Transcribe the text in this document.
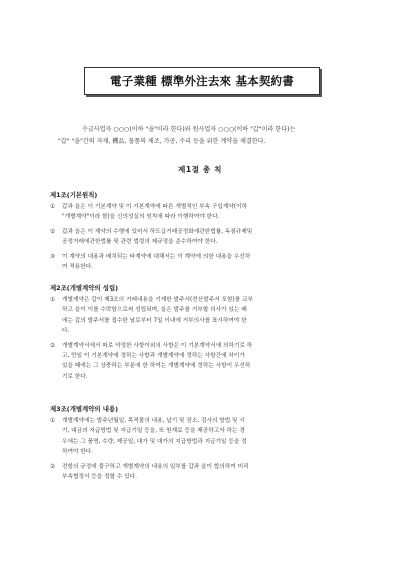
電子業種 標準外注去來 基本契約書
수급사업자 ○○○(이하 "을"이라 한다)와 원사업자 ○○○(이하 "갑"이라 한다)는
"갑" "을"간의 자재, 機品, 물품의 제조, 가공, 수리 등을 위한 계약을 체결한다.
제1절 총 칙
제1조(기본원칙)
①	갑과 을은 이 기본계약 및 이 기본계약에 따른 개별적인 부속 구입계약(이하
"개별계약"이라 함)을 신의성실의 원칙에 따라 이행하여야 한다.
②	갑과 을은 이 계약의 수행에 있어서 하도급거래공정화에관한법률, 독점규제및
공정거래에관한법률 및 관련 법령의 제규정을 준수하여야 한다.
③	이 계약의 내용과 배치되는 타계약에 대해서는 이 계약에 의한 내용을 우선하
여 적용한다.
제2조(개별계약의 성립)
①	개별계약은 갑이 제3조의 거래내용을 기재한 발주서(전산발주서 포함)를 교부
하고 을이 이를 수락함으로써 성립되며, 을은 발주를 거부할 의사가 있는 때
에는 갑의 발주서를 접수한 날로부터 7일 이내에 거부의사를 표시하여야 한
다.
②	개별계약서에서 따로 약정한 사항이외의 사항은 이 기본계약서에 의하기로 하
고, 만일 이 기본계약에 정하는 사항과 개별계약에 정하는 사항간에 차이가
있을 때에는 그 상충하는 부분에 한 하여는 개별계약에 정하는 사항이 우선하
기로 한다.
제3조(개별계약의 내용)
①	개별계약에는 발주년월일, 목적물의 내용, 납기 및 장소, 검사의 방법 및 시
기, 대금의 지급방법 및 지급기일 등을, 또 원재료 등을 제공하고자 하는 경
우에는 그 품명, 수량, 제공일, 대가 및 대가의 지급방법과 지급기일 등을 정
하여야 한다.
②	전항의 규정에 불구하고 개별계약의 내용의 일부를 갑과 을이 합의하여 미리
부속협정서 등을 정할 수 있다.
